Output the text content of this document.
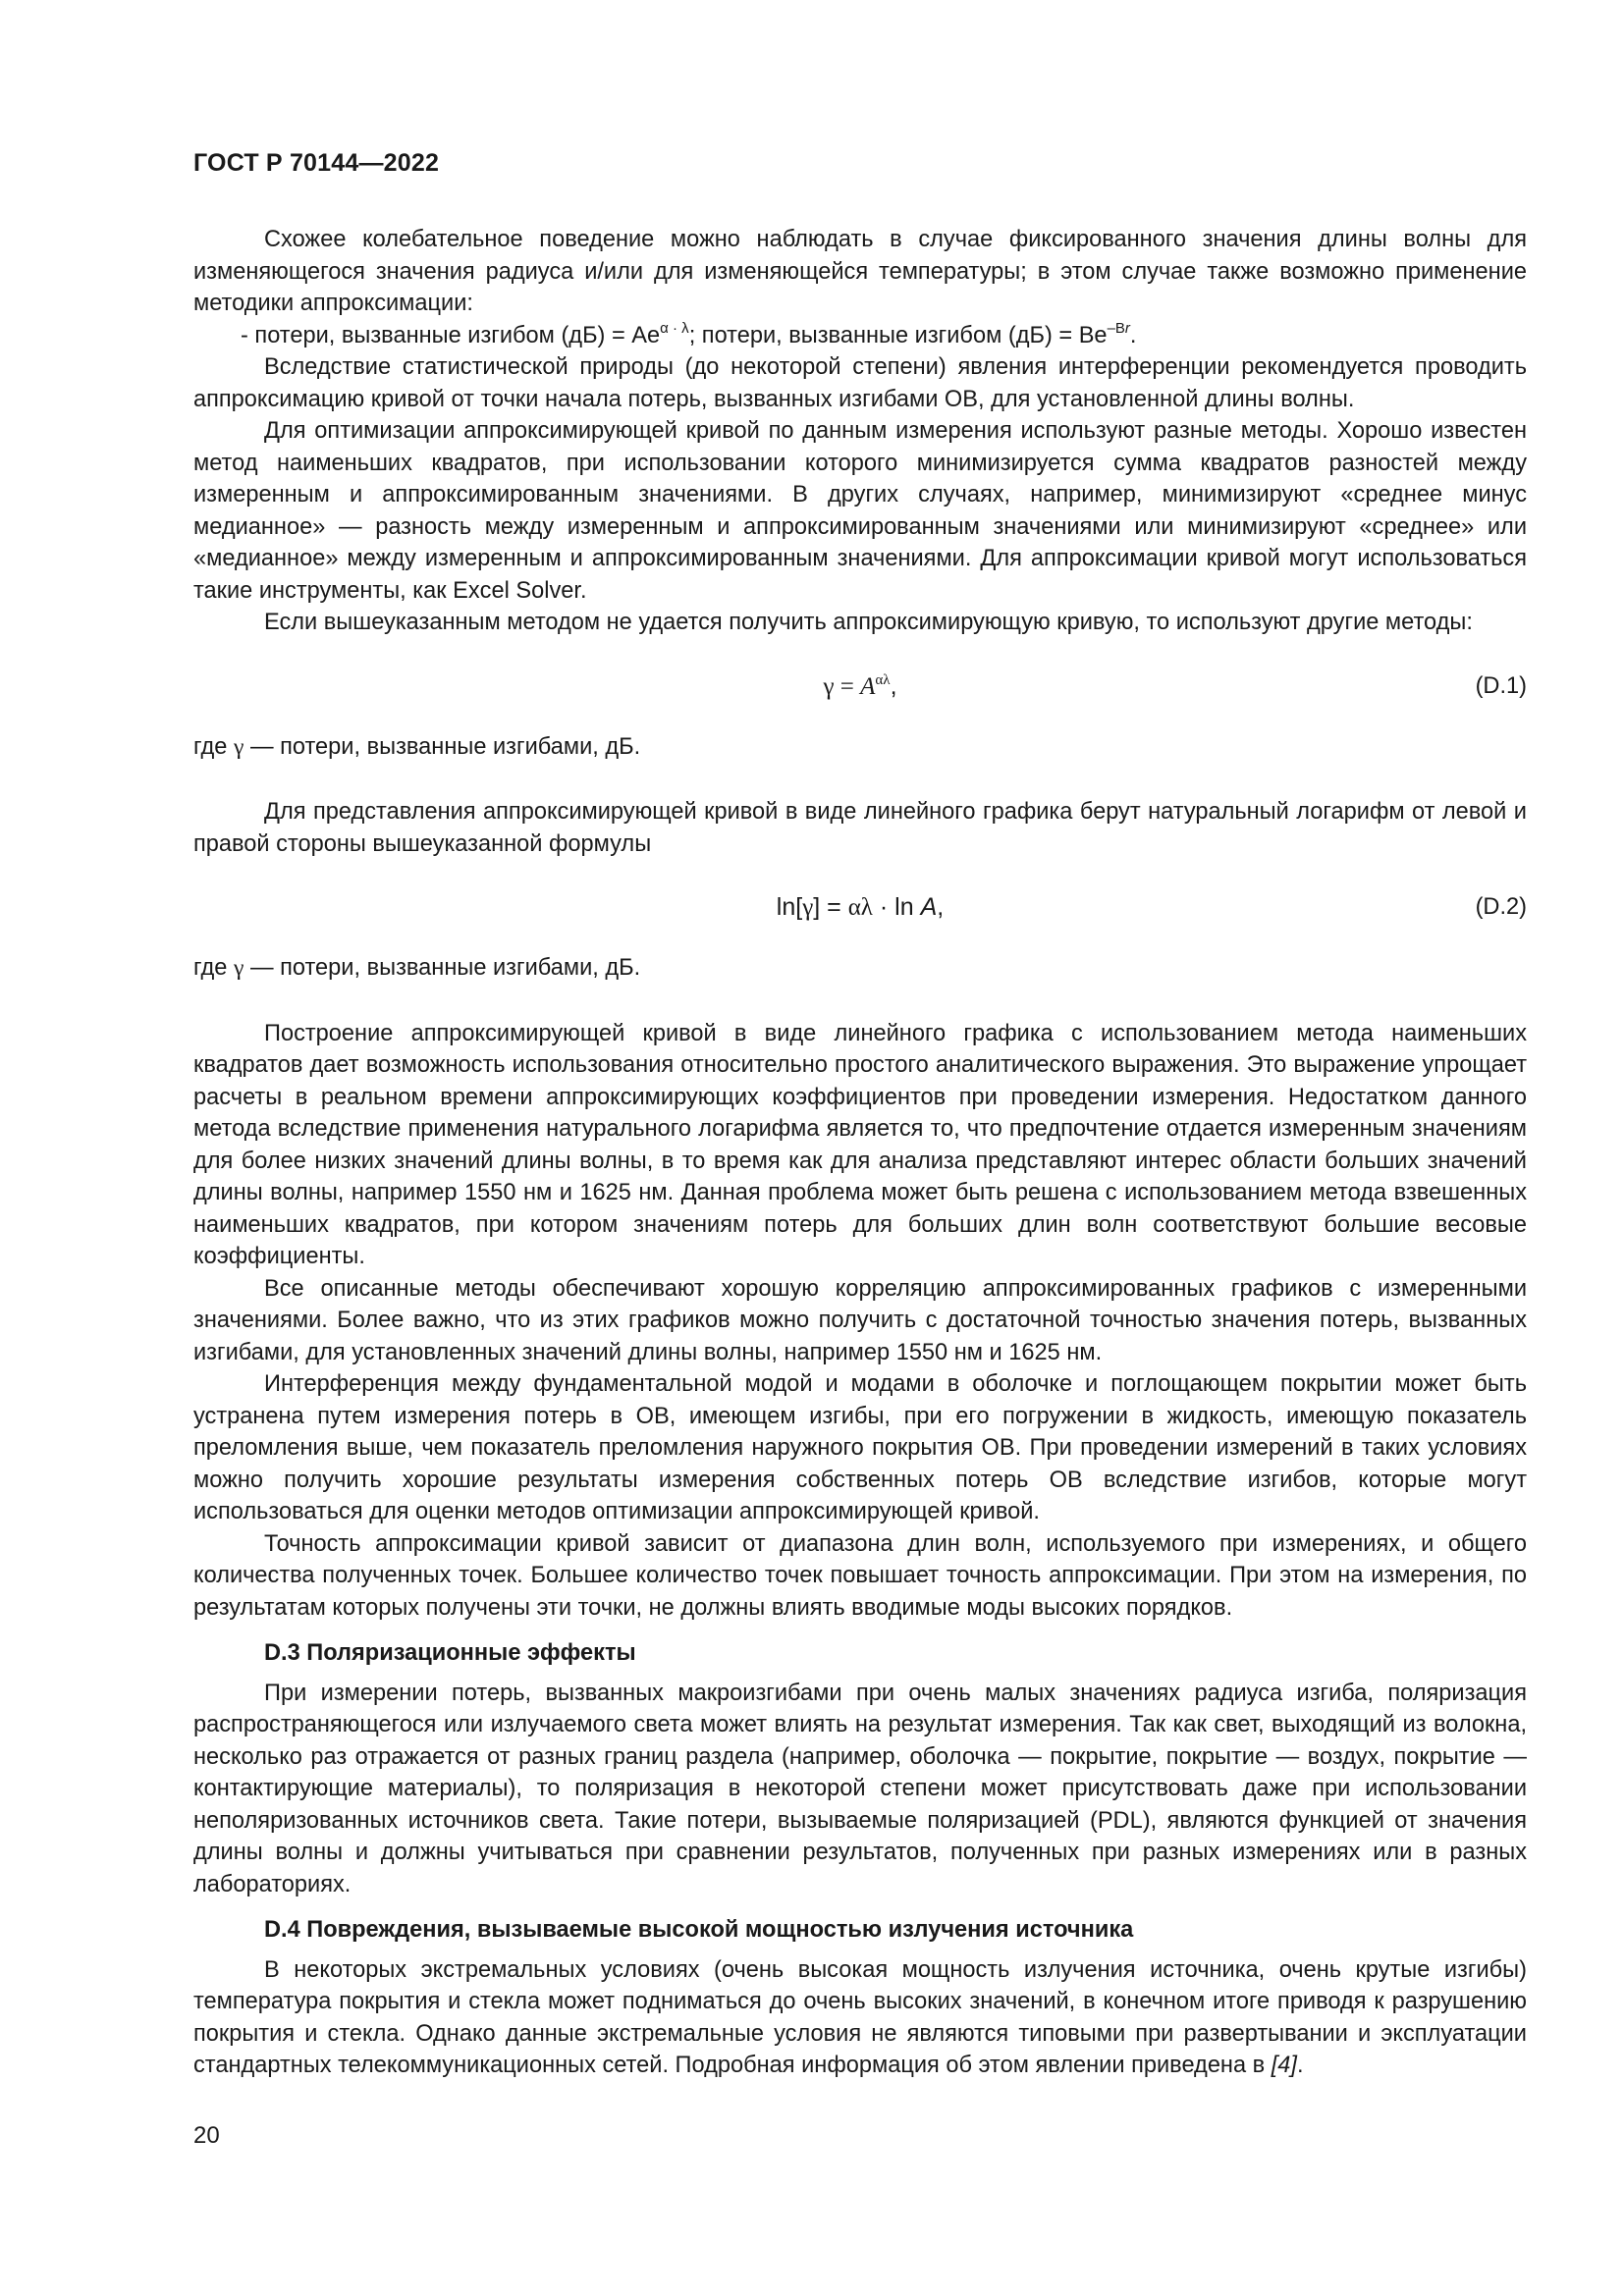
ГОСТ Р 70144—2022

Схожее колебательное поведение можно наблюдать в случае фиксированного значения длины волны для изменяющегося значения радиуса и/или для изменяющейся температуры; в этом случае также возможно применение методики аппроксимации:

- потери, вызванные изгибом $(дБ) = Ae^{\alpha \cdot \lambda}$; потери, вызванные изгибом $(дБ) = Be^{-Br}$.

Вследствие статистической природы (до некоторой степени) явления интерференции рекомендуется проводить аппроксимацию кривой от точки начала потерь, вызванных изгибами ОВ, для установленной длины волны.

Для оптимизации аппроксимирующей кривой по данным измерения используют разные методы. Хорошо известен метод наименьших квадратов, при использовании которого минимизируется сумма квадратов разностей между измеренным и аппроксимированным значениями. В других случаях, например, минимизируют «среднее минус медианное» — разность между измеренным и аппроксимированным значениями или минимизируют «среднее» или «медианное» между измеренным и аппроксимированным значениями. Для аппроксимации кривой могут использоваться такие инструменты, как Excel Solver.

Если вышеуказанным методом не удается получить аппроксимирующую кривую, то используют другие методы:

$\gamma = A^{\alpha\lambda}$,	(D.1)

где γ — потери, вызванные изгибами, дБ.

Для представления аппроксимирующей кривой в виде линейного графика берут натуральный логарифм от левой и правой стороны вышеуказанной формулы

ln[γ] = αλ · ln A,	(D.2)

где γ — потери, вызванные изгибами, дБ.

Построение аппроксимирующей кривой в виде линейного графика с использованием метода наименьших квадратов дает возможность использования относительно простого аналитического выражения. Это выражение упрощает расчеты в реальном времени аппроксимирующих коэффициентов при проведении измерения. Недостатком данного метода вследствие применения натурального логарифма является то, что предпочтение отдается измеренным значениям для более низких значений длины волны, в то время как для анализа представляют интерес области больших значений длины волны, например 1550 нм и 1625 нм. Данная проблема может быть решена с использованием метода взвешенных наименьших квадратов, при котором значениям потерь для больших длин волн соответствуют большие весовые коэффициенты.

Все описанные методы обеспечивают хорошую корреляцию аппроксимированных графиков с измеренными значениями. Более важно, что из этих графиков можно получить с достаточной точностью значения потерь, вызванных изгибами, для установленных значений длины волны, например 1550 нм и 1625 нм.

Интерференция между фундаментальной модой и модами в оболочке и поглощающем покрытии может быть устранена путем измерения потерь в ОВ, имеющем изгибы, при его погружении в жидкость, имеющую показатель преломления выше, чем показатель преломления наружного покрытия ОВ. При проведении измерений в таких условиях можно получить хорошие результаты измерения собственных потерь ОВ вследствие изгибов, которые могут использоваться для оценки методов оптимизации аппроксимирующей кривой.

Точность аппроксимации кривой зависит от диапазона длин волн, используемого при измерениях, и общего количества полученных точек. Большее количество точек повышает точность аппроксимации. При этом на измерения, по результатам которых получены эти точки, не должны влиять вводимые моды высоких порядков.

D.3 Поляризационные эффекты

При измерении потерь, вызванных макроизгибами при очень малых значениях радиуса изгиба, поляризация распространяющегося или излучаемого света может влиять на результат измерения. Так как свет, выходящий из волокна, несколько раз отражается от разных границ раздела (например, оболочка — покрытие, покрытие — воздух, покрытие — контактирующие материалы), то поляризация в некоторой степени может присутствовать даже при использовании неполяризованных источников света. Такие потери, вызываемые поляризацией (PDL), являются функцией от значения длины волны и должны учитываться при сравнении результатов, полученных при разных измерениях или в разных лабораториях.

D.4 Повреждения, вызываемые высокой мощностью излучения источника

В некоторых экстремальных условиях (очень высокая мощность излучения источника, очень крутые изгибы) температура покрытия и стекла может подниматься до очень высоких значений, в конечном итоге приводя к разрушению покрытия и стекла. Однако данные экстремальные условия не являются типовыми при развертывании и эксплуатации стандартных телекоммуникационных сетей. Подробная информация об этом явлении приведена в [4].

20
